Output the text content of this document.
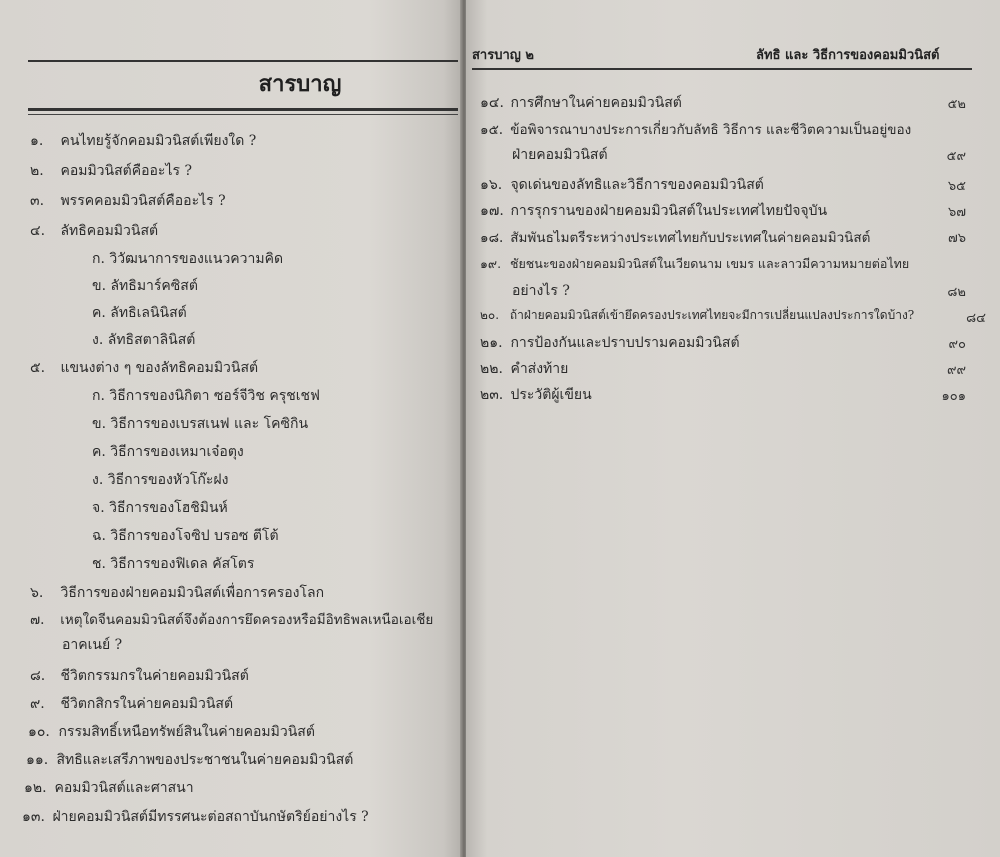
สารบาญ
๑. คนไทยรู้จักคอมมิวนิสต์เพียงใด ?
๒. คอมมิวนิสต์คืออะไร ?
๓. พรรคคอมมิวนิสต์คืออะไร ?
๔. ลัทธิคอมมิวนิสต์
ก. วิวัฒนาการของแนวความคิด
ข. ลัทธิมาร์คซิสต์
ค. ลัทธิเลนินิสต์
ง. ลัทธิสตาลินิสต์
๕. แขนงต่าง ๆ ของลัทธิคอมมิวนิสต์
ก. วิธีการของนิกิตา ซอร์จีวิช ครุชเชฟ
ข. วิธีการของเบรสเนฟ และ โคซิกิน
ค. วิธีการของเหมาเจ๋อตุง
ง. วิธีการของหัวโก๊ะฝง
จ. วิธีการของโฮชิมินห์
ฉ. วิธีการของโจซิป บรอซ ตีโต้
ช. วิธีการของฟิเดล คัสโตร
๖. วิธีการของฝ่ายคอมมิวนิสต์เพื่อการครองโลก
๗. เหตุใดจีนคอมมิวนิสต์จึงต้องการยึดครองหรือมีอิทธิพลเหนือเอเชีย
อาคเนย์ ?
๘. ชีวิตกรรมกรในค่ายคอมมิวนิสต์
๙. ชีวิตกสิกรในค่ายคอมมิวนิสต์
๑๐. กรรมสิทธิ์เหนือทรัพย์สินในค่ายคอมมิวนิสต์
๑๑. สิทธิและเสรีภาพของประชาชนในค่ายคอมมิวนิสต์
๑๒. คอมมิวนิสต์และศาสนา
๑๓. ฝ่ายคอมมิวนิสต์มีทรรศนะต่อสถาบันกษัตริย์อย่างไร ?
สารบาญ ๒	ลัทธิ และ วิธีการของคอมมิวนิสต์
๑๔. การศึกษาในค่ายคอมมิวนิสต์	๕๒
๑๕. ข้อพิจารณาบางประการเกี่ยวกับลัทธิ วิธีการ และชีวิตความเป็นอยู่ของ
ฝ่ายคอมมิวนิสต์	๕๙
๑๖. จุดเด่นของลัทธิและวิธีการของคอมมิวนิสต์	๖๕
๑๗. การรุกรานของฝ่ายคอมมิวนิสต์ในประเทศไทยปัจจุบัน	๖๗
๑๘. สัมพันธไมตรีระหว่างประเทศไทยกับประเทศในค่ายคอมมิวนิสต์	๗๖
๑๙. ชัยชนะของฝ่ายคอมมิวนิสต์ในเวียดนาม เขมร และลาวมีความหมายต่อไทย
อย่างไร ?	๘๒
๒๐. ถ้าฝ่ายคอมมิวนิสต์เข้ายึดครองประเทศไทยจะมีการเปลี่ยนแปลงประการใดบ้าง?	๘๔
๒๑. การป้องกันและปราบปรามคอมมิวนิสต์	๙๐
๒๒. คำส่งท้าย	๙๙
๒๓. ประวัติผู้เขียน	๑๐๑
